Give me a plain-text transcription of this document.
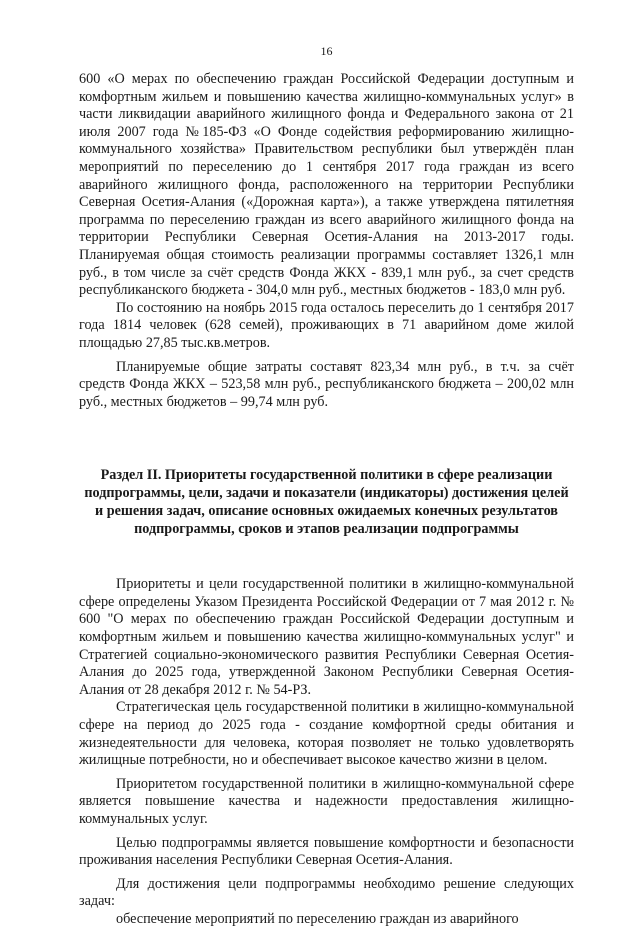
16

600 «О мерах по обеспечению граждан Российской Федерации доступным и комфортным жильем и повышению качества жилищно-коммунальных услуг» в части ликвидации аварийного жилищного фонда и Федерального закона от 21 июля 2007 года №185-ФЗ «О Фонде содействия реформированию жилищно-коммунального хозяйства» Правительством республики был утверждён план мероприятий по переселению до 1 сентября 2017 года граждан из всего аварийного жилищного фонда, расположенного на территории Республики Северная Осетия-Алания («Дорожная карта»), а также утверждена пятилетняя программа по переселению граждан из всего аварийного жилищного фонда на территории Республики Северная Осетия-Алания на 2013-2017 годы. Планируемая общая стоимость реализации программы составляет 1326,1 млн руб., в том числе за счёт средств Фонда ЖКХ - 839,1 млн руб., за счет средств республиканского бюджета - 304,0 млн руб., местных бюджетов - 183,0 млн руб.

По состоянию на ноябрь 2015 года осталось переселить до 1 сентября 2017 года 1814 человек (628 семей), проживающих в 71 аварийном доме жилой площадью 27,85 тыс.кв.метров.

Планируемые общие затраты составят 823,34 млн руб., в т.ч. за счёт средств Фонда ЖКХ – 523,58 млн руб., республиканского бюджета – 200,02 млн руб., местных бюджетов – 99,74 млн руб.

Раздел II. Приоритеты государственной политики в сфере реализации подпрограммы, цели, задачи и показатели (индикаторы) достижения целей и решения задач, описание основных ожидаемых конечных результатов подпрограммы, сроков и этапов реализации подпрограммы

Приоритеты и цели государственной политики в жилищно-коммунальной сфере определены Указом Президента Российской Федерации от 7 мая 2012 г. № 600 "О мерах по обеспечению граждан Российской Федерации доступным и комфортным жильем и повышению качества жилищно-коммунальных услуг" и Стратегией социально-экономического развития Республики Северная Осетия-Алания до 2025 года, утвержденной Законом Республики Северная Осетия-Алания от 28 декабря 2012 г. № 54-РЗ.

Стратегическая цель государственной политики в жилищно-коммунальной сфере на период до 2025 года - создание комфортной среды обитания и жизнедеятельности для человека, которая позволяет не только удовлетворять жилищные потребности, но и обеспечивает высокое качество жизни в целом.

Приоритетом государственной политики в жилищно-коммунальной сфере является повышение качества и надежности предоставления жилищно-коммунальных услуг.

Целью подпрограммы является повышение комфортности и безопасности проживания населения Республики Северная Осетия-Алания.

Для достижения цели подпрограммы необходимо решение следующих задач:

обеспечение мероприятий по переселению граждан из аварийного
